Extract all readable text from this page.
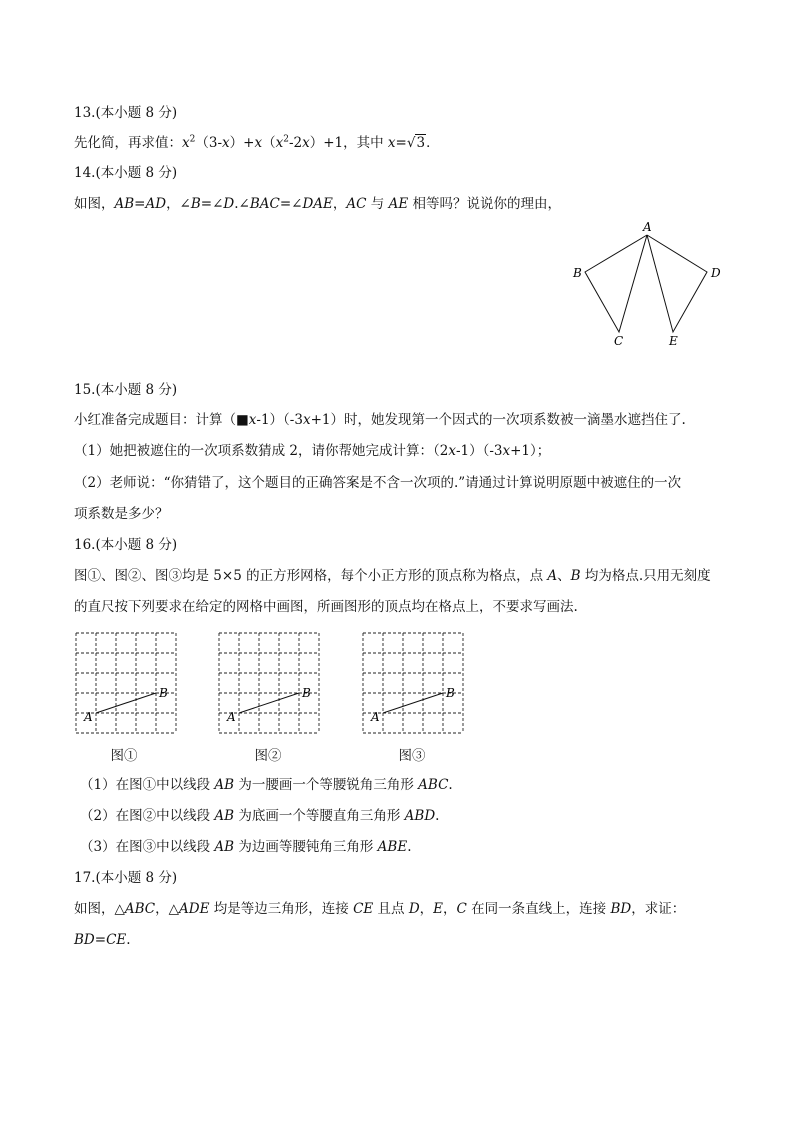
13.(本小题 8 分)
先化简，再求值：$x^2(3-x)+x(x^2-2x)+1$，其中 x=√3．
14.(本小题 8 分)
如图，AB=AD，∠B=∠D.∠BAC=∠DAE，AC 与 AE 相等吗？说说你的理由，
A
B
C
D
E
15.(本小题 8 分)
小红准备完成题目：计算（■x-1）（-3x+1）时，她发现第一个因式的一次项系数被一滴墨水遮挡住了.
（1）她把被遮住的一次项系数猜成 2，请你帮她完成计算：（2x-1）（-3x+1）；
（2）老师说：“你猜错了，这个题目的正确答案是不含一次项的.”请通过计算说明原题中被遮住的一次
项系数是多少？
16.(本小题 8 分)
图①、图②、图③均是 5×5 的正方形网格，每个小正方形的顶点称为格点，点 A、B 均为格点.只用无刻度
的直尺按下列要求在给定的网格中画图，所画图形的顶点均在格点上，不要求写画法.
A
B
A
B
A
B
图①	图②	图③
（1）在图①中以线段 AB 为一腰画一个等腰锐角三角形 ABC.
（2）在图②中以线段 AB 为底画一个等腰直角三角形 ABD.
（3）在图③中以线段 AB 为边画等腰钝角三角形 ABE.
17.(本小题 8 分)
如图，△ABC，△ADE 均是等边三角形，连接 CE 且点 D，E，C 在同一条直线上，连接 BD，求证：
BD=CE.
